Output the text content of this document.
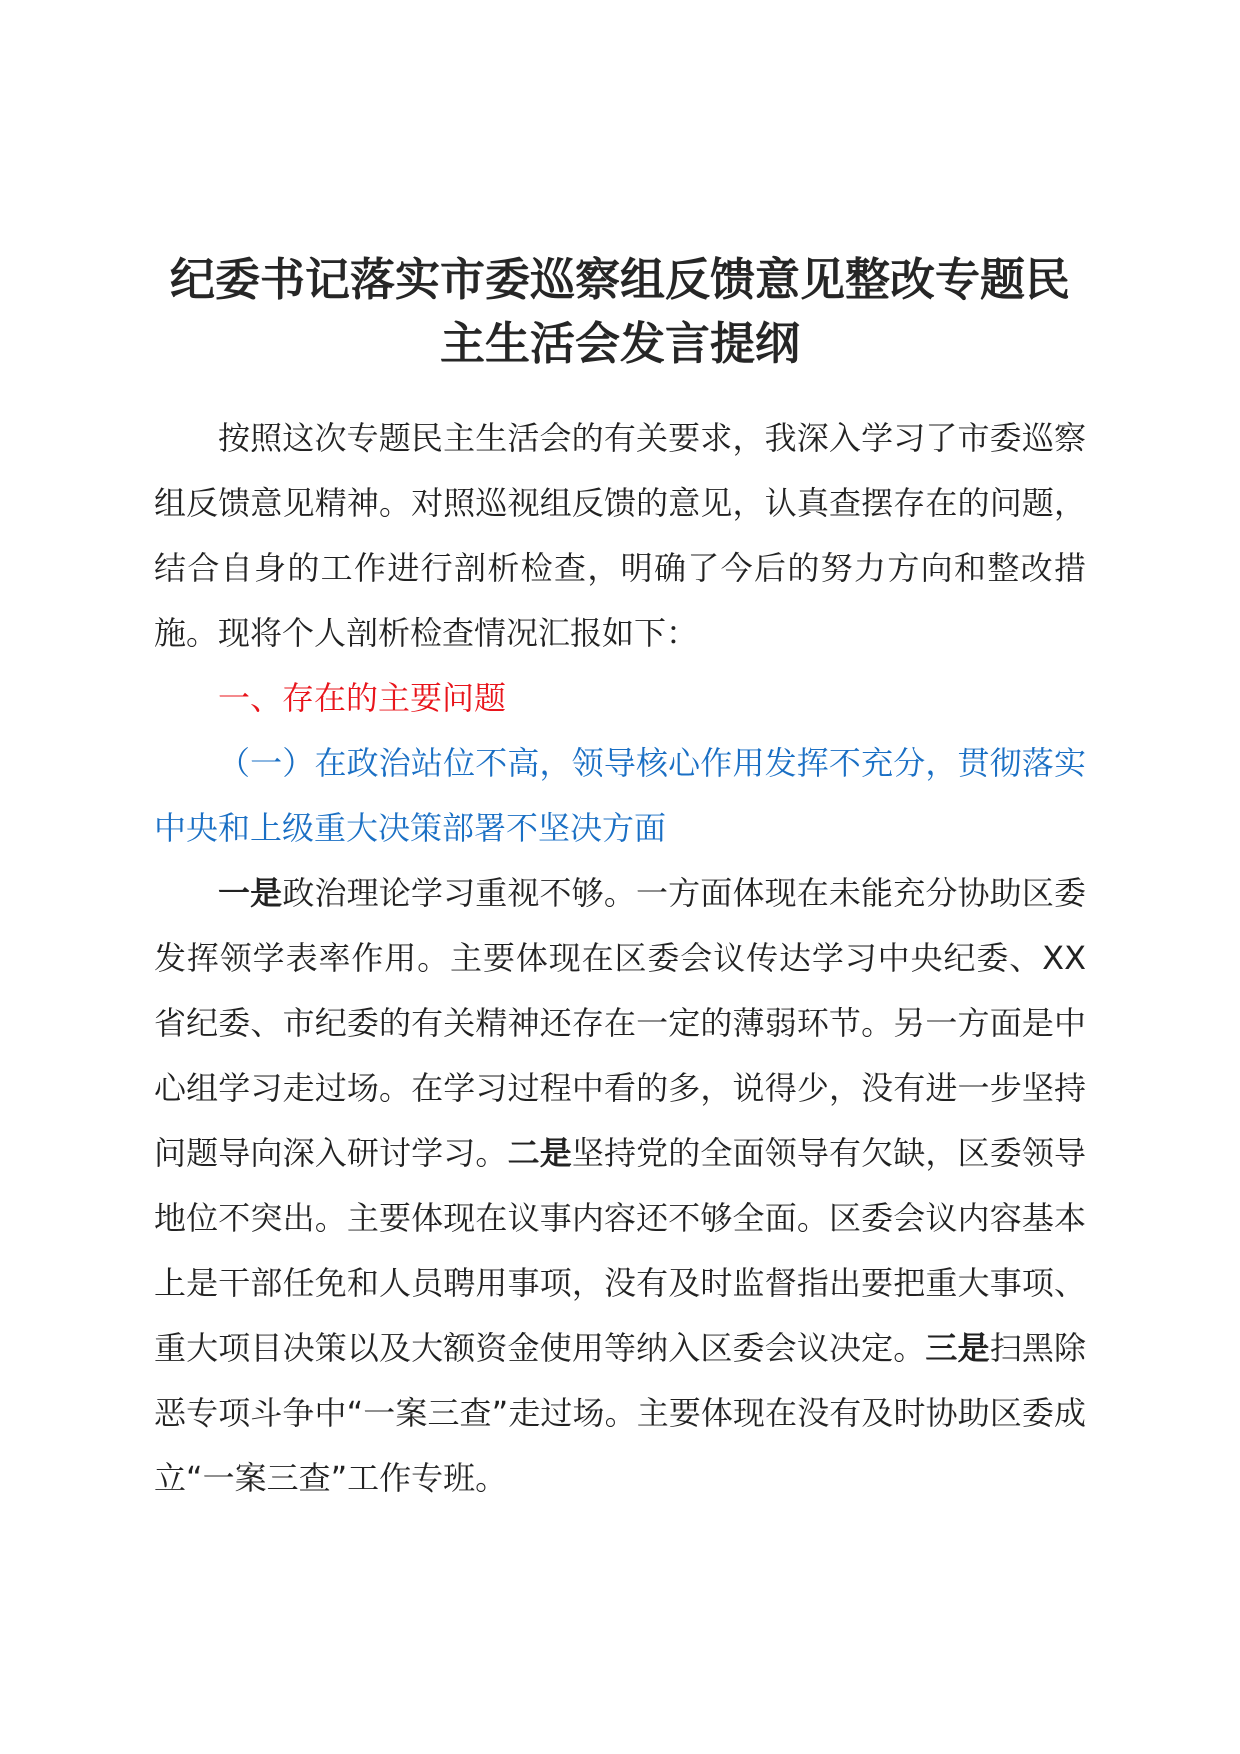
纪委书记落实市委巡察组反馈意见整改专题民
主生活会发言提纲

按照这次专题民主生活会的有关要求，我深入学习了市委巡察组反馈意见精神。对照巡视组反馈的意见，认真查摆存在的问题，结合自身的工作进行剖析检查，明确了今后的努力方向和整改措施。现将个人剖析检查情况汇报如下：

一、存在的主要问题

（一）在政治站位不高，领导核心作用发挥不充分，贯彻落实中央和上级重大决策部署不坚决方面

一是政治理论学习重视不够。一方面体现在未能充分协助区委发挥领学表率作用。主要体现在区委会议传达学习中央纪委、XX 省纪委、市纪委的有关精神还存在一定的薄弱环节。另一方面是中心组学习走过场。在学习过程中看的多，说得少，没有进一步坚持问题导向深入研讨学习。二是坚持党的全面领导有欠缺，区委领导地位不突出。主要体现在议事内容还不够全面。区委会议内容基本上是干部任免和人员聘用事项，没有及时监督指出要把重大事项、重大项目决策以及大额资金使用等纳入区委会议决定。三是扫黑除恶专项斗争中“一案三查”走过场。主要体现在没有及时协助区委成立“一案三查”工作专班。
